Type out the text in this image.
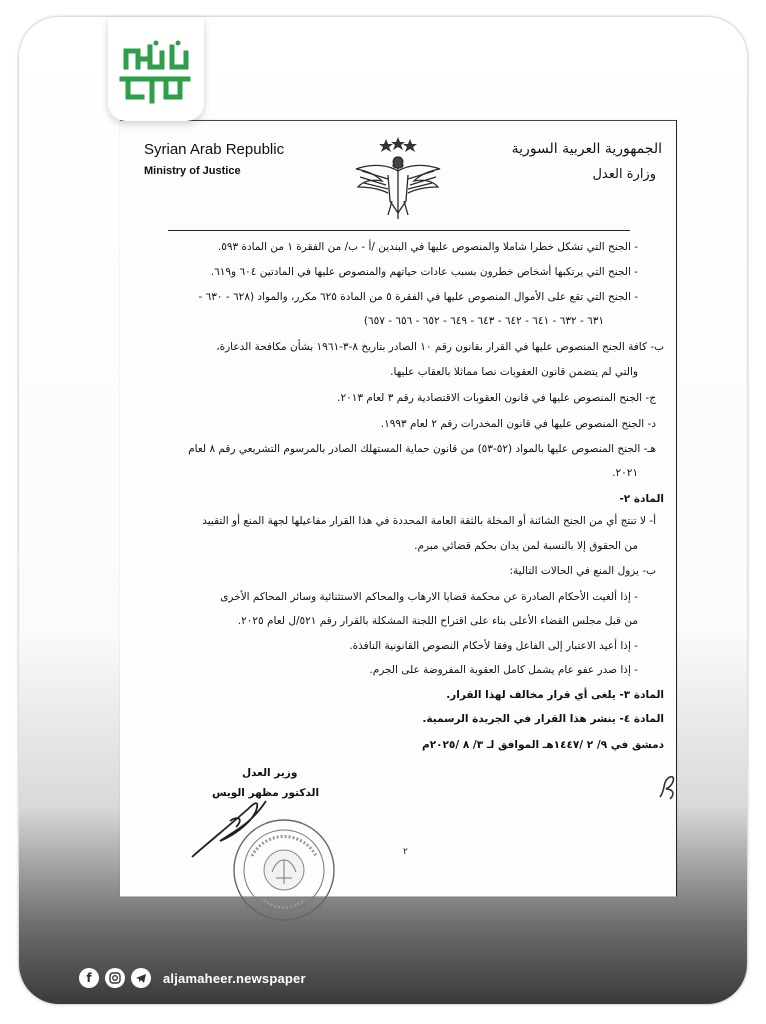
Syrian Arab Republic
Ministry of Justice
الجمهورية العربية السورية
وزارة العدل
- الجنح التي تشكل خطرا شاملا والمنصوص عليها في البندين /أ - ب/ من الفقرة ١ من المادة ٥٩٣.
- الجنح التي يرتكبها أشخاص خطرون بسبب عادات حياتهم والمنصوص عليها في المادتين ٦٠٤ و٦١٩.
- الجنح التي تقع على الأموال المنصوص عليها في الفقرة ٥ من المادة ٦٢٥ مكرر، والمواد (٦٢٨ - ٦٣٠ -
٦٣١ - ٦٣٢ - ٦٤١ - ٦٤٢ - ٦٤٣ - ٦٤٩ - ٦٥٢ - ٦٥٦ - ٦٥٧)
ب- كافة الجنح المنصوص عليها في القرار بقانون رقم ١٠ الصادر بتاريخ ٨-٣-١٩٦١ بشأن مكافحة الدعارة،
والتي لم يتضمن قانون العقوبات نصا مماثلا بالعقاب عليها.
ج- الجنح المنصوص عليها في قانون العقوبات الاقتصادية رقم ٣ لعام ٢٠١٣.
د- الجنح المنصوص عليها في قانون المخدرات رقم ٢ لعام ١٩٩٣.
هـ- الجنح المنصوص عليها بالمواد (٥٢-٥٣) من قانون حماية المستهلك الصادر بالمرسوم التشريعي رقم ٨ لعام
٢٠٢١.
المادة ٢-
أ- لا تنتج أي من الجنح الشائنة أو المخلة بالثقة العامة المحددة في هذا القرار مفاعيلها لجهة المنع أو التقييد
من الحقوق إلا بالنسبة لمن يدان بحكم قضائي مبرم.
ب- يزول المنع في الحالات التالية:
- إذا ألغيت الأحكام الصادرة عن محكمة قضايا الارهاب والمحاكم الاستثنائية وسائر المحاكم الأخرى
من قبل مجلس القضاء الأعلى بناء على اقتراح اللجنة المشكلة بالقرار رقم ٥٢١/ل لعام ٢٠٢٥.
- إذا أعيد الاعتبار إلى الفاعل وفقا لأحكام النصوص القانونية النافذة.
- إذا صدر عفو عام يشمل كامل العقوبة المفروضة على الجرم.
المادة ٣- يلغى أي قرار مخالف لهذا القرار.
المادة ٤- ينشر هذا القرار في الجريدة الرسمية.
دمشق في ٩/ ٢ /١٤٤٧هـ الموافق لـ ٣/ ٨ /٢٠٢٥م
وزير العدل
الدكتور مظهر الويس
٢
f	aljamaheer.newspaper
